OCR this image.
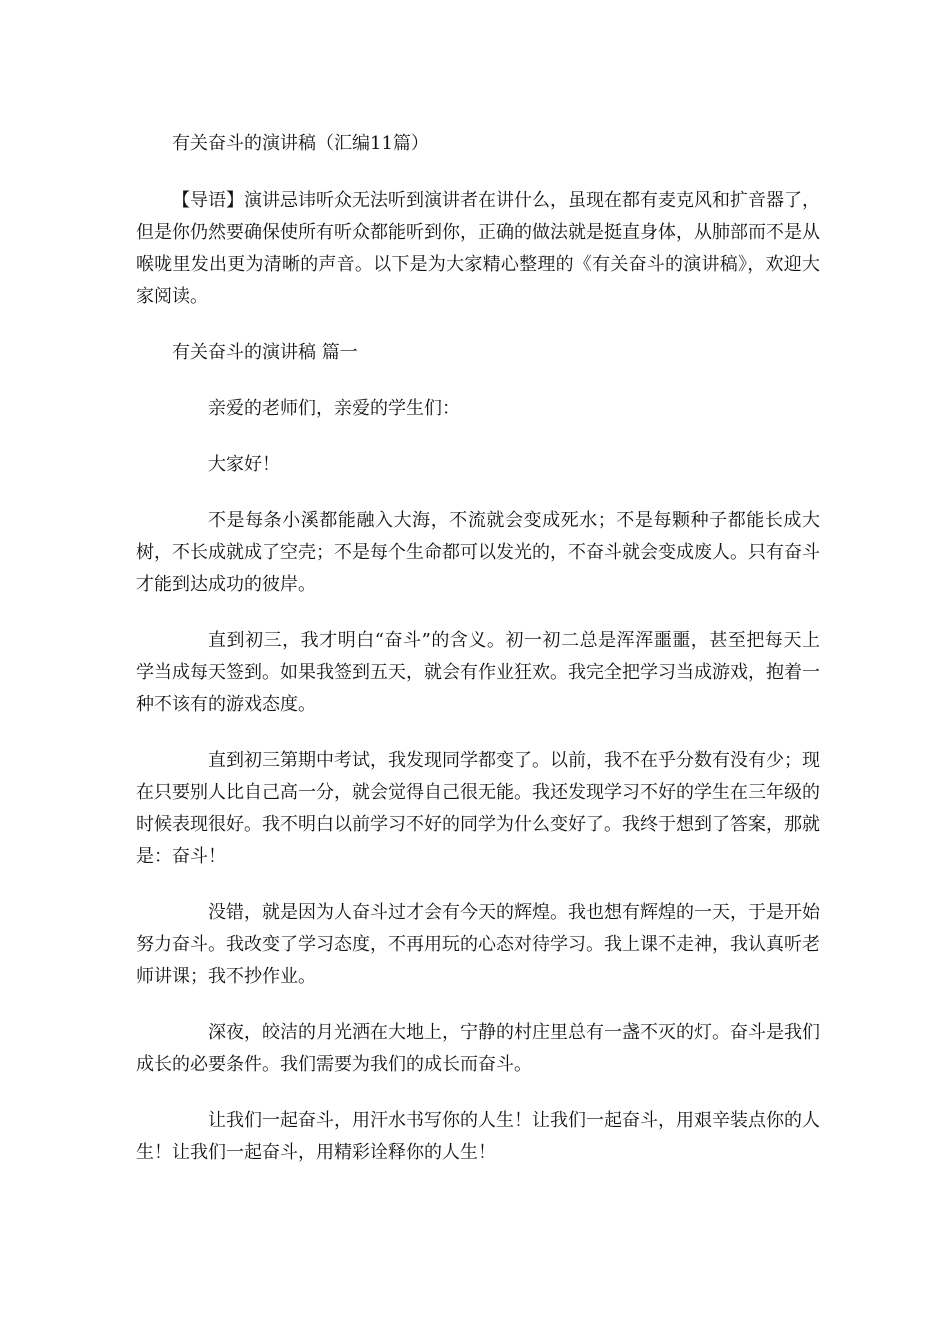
有关奋斗的演讲稿（汇编11篇）

【导语】演讲忌讳听众无法听到演讲者在讲什么，虽现在都有麦克风和扩音器了，但是你仍然要确保使所有听众都能听到你，正确的做法就是挺直身体，从肺部而不是从喉咙里发出更为清晰的声音。以下是为大家精心整理的《有关奋斗的演讲稿》，欢迎大家阅读。

有关奋斗的演讲稿 篇一
亲爱的老师们，亲爱的学生们：
大家好！

不是每条小溪都能融入大海，不流就会变成死水；不是每颗种子都能长成大树，不长成就成了空壳；不是每个生命都可以发光的，不奋斗就会变成废人。只有奋斗才能到达成功的彼岸。

直到初三，我才明白“奋斗”的含义。初一初二总是浑浑噩噩，甚至把每天上学当成每天签到。如果我签到五天，就会有作业狂欢。我完全把学习当成游戏，抱着一种不该有的游戏态度。

直到初三第期中考试，我发现同学都变了。以前，我不在乎分数有没有少；现在只要别人比自己高一分，就会觉得自己很无能。我还发现学习不好的学生在三年级的时候表现很好。我不明白以前学习不好的同学为什么变好了。我终于想到了答案，那就是：奋斗！

没错，就是因为人奋斗过才会有今天的辉煌。我也想有辉煌的一天，于是开始努力奋斗。我改变了学习态度，不再用玩的心态对待学习。我上课不走神，我认真听老师讲课；我不抄作业。

深夜，皎洁的月光洒在大地上，宁静的村庄里总有一盏不灭的灯。奋斗是我们成长的必要条件。我们需要为我们的成长而奋斗。

让我们一起奋斗，用汗水书写你的人生！让我们一起奋斗，用艰辛装点你的人生！让我们一起奋斗，用精彩诠释你的人生！
